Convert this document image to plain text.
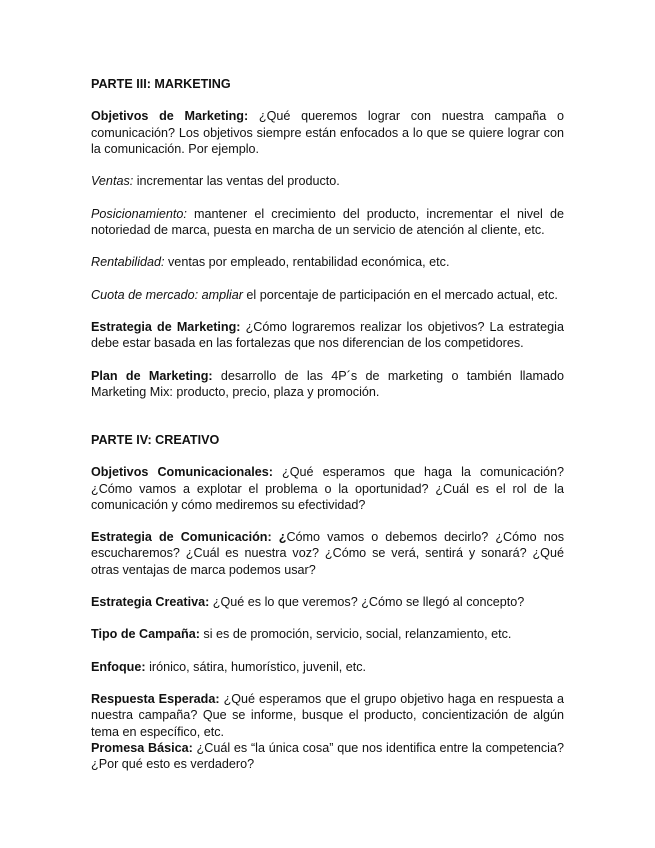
PARTE III: MARKETING

Objetivos de Marketing: ¿Qué queremos lograr con nuestra campaña o comunicación? Los objetivos siempre están enfocados a lo que se quiere lograr con la comunicación. Por ejemplo.

Ventas: incrementar las ventas del producto.

Posicionamiento: mantener el crecimiento del producto, incrementar el nivel de notoriedad de marca, puesta en marcha de un servicio de atención al cliente, etc.

Rentabilidad: ventas por empleado, rentabilidad económica, etc.

Cuota de mercado: ampliar el porcentaje de participación en el mercado actual, etc.

Estrategia de Marketing: ¿Cómo lograremos realizar los objetivos? La estrategia debe estar basada en las fortalezas que nos diferencian de los competidores.

Plan de Marketing: desarrollo de las 4P´s de marketing o también llamado Marketing Mix: producto, precio, plaza y promoción.

PARTE IV: CREATIVO

Objetivos Comunicacionales: ¿Qué esperamos que haga la comunicación? ¿Cómo vamos a explotar el problema o la oportunidad? ¿Cuál es el rol de la comunicación y cómo mediremos su efectividad?

Estrategia de Comunicación: ¿Cómo vamos o debemos decirlo? ¿Cómo nos escucharemos? ¿Cuál es nuestra voz? ¿Cómo se verá, sentirá y sonará? ¿Qué otras ventajas de marca podemos usar?

Estrategia Creativa: ¿Qué es lo que veremos? ¿Cómo se llegó al concepto?

Tipo de Campaña: si es de promoción, servicio, social, relanzamiento, etc.

Enfoque: irónico, sátira, humorístico, juvenil, etc.

Respuesta Esperada: ¿Qué esperamos que el grupo objetivo haga en respuesta a nuestra campaña? Que se informe, busque el producto, concientización de algún tema en específico, etc.

Promesa Básica: ¿Cuál es “la única cosa” que nos identifica entre la competencia? ¿Por qué esto es verdadero?
